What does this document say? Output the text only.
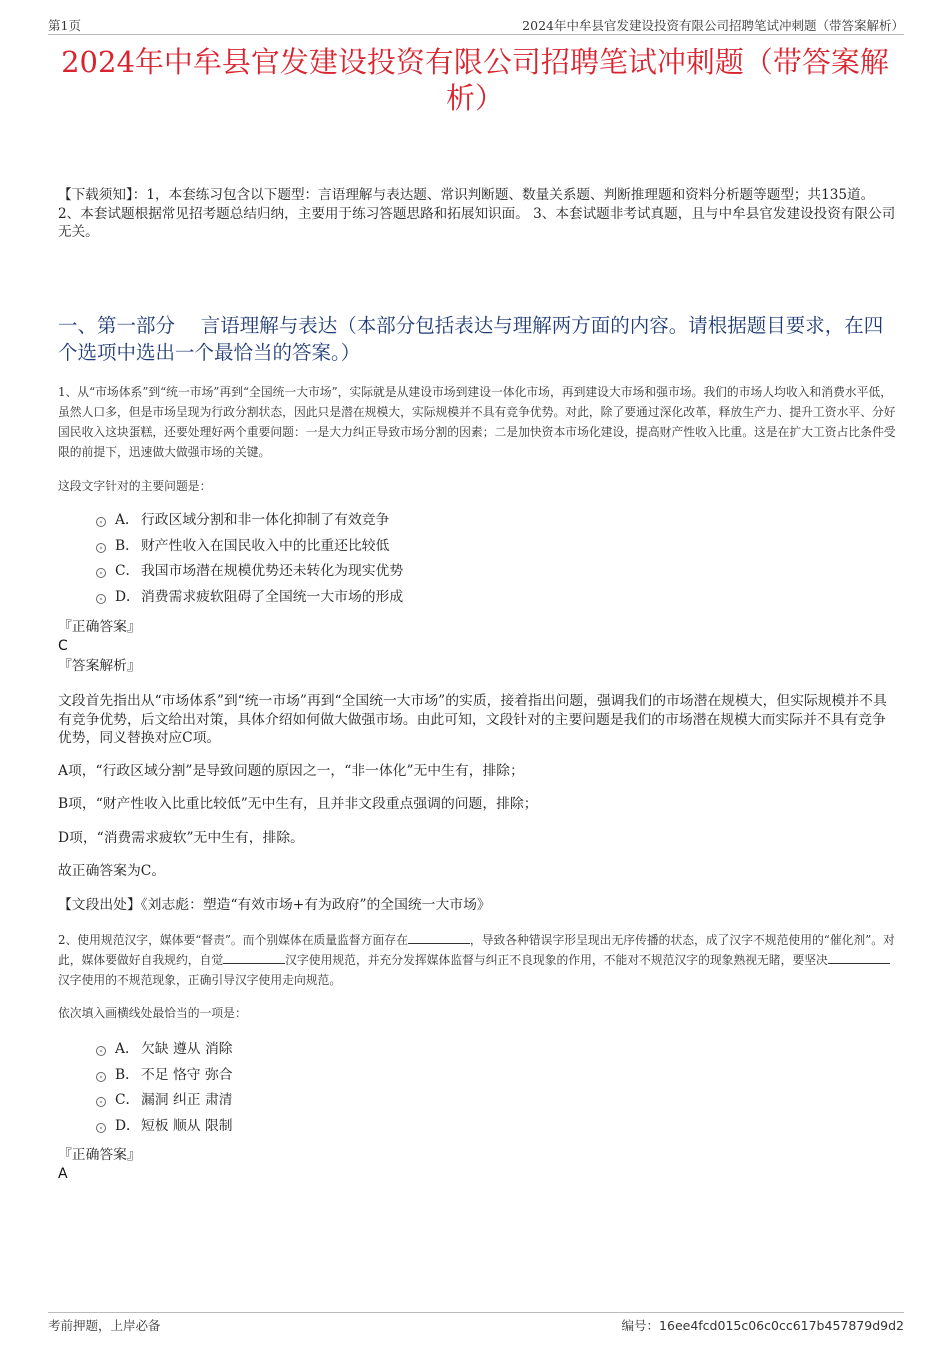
第1页	2024年中牟县官发建设投资有限公司招聘笔试冲刺题（带答案解析）
2024年中牟县官发建设投资有限公司招聘笔试冲刺题（带答案解析）

【下载须知】：1，本套练习包含以下题型：言语理解与表达题、常识判断题、数量关系题、判断推理题和资料分析题等题型；共135道。 2、本套试题根据常见招考题总结归纳，主要用于练习答题思路和拓展知识面。 3、本套试题非考试真题，且与中牟县官发建设投资有限公司无关。

一、第一部分　 言语理解与表达（本部分包括表达与理解两方面的内容。请根据题目要求，在四个选项中选出一个最恰当的答案。）

1、从“市场体系”到“统一市场”再到“全国统一大市场”，实际就是从建设市场到建设一体化市场，再到建设大市场和强市场。我们的市场人均收入和消费水平低，虽然人口多，但是市场呈现为行政分割状态，因此只是潜在规模大，实际规模并不具有竞争优势。对此，除了要通过深化改革，释放生产力、提升工资水平、分好国民收入这块蛋糕，还要处理好两个重要问题：一是大力纠正导致市场分割的因素；二是加快资本市场化建设，提高财产性收入比重。这是在扩大工资占比条件受限的前提下，迅速做大做强市场的关键。

这段文字针对的主要问题是：

A． 行政区域分割和非一体化抑制了有效竞争
B． 财产性收入在国民收入中的比重还比较低
C． 我国市场潜在规模优势还未转化为现实优势
D．消费需求疲软阻碍了全国统一大市场的形成

『正确答案』

C

『答案解析』

文段首先指出从“市场体系”到“统一市场”再到“全国统一大市场”的实质，接着指出问题，强调我们的市场潜在规模大，但实际规模并不具有竞争优势，后文给出对策，具体介绍如何做大做强市场。由此可知，文段针对的主要问题是我们的市场潜在规模大而实际并不具有竞争优势，同义替换对应C项。

A项，“行政区域分割”是导致问题的原因之一，“非一体化”无中生有，排除；

B项，“财产性收入比重比较低”无中生有，且并非文段重点强调的问题，排除；

D项，“消费需求疲软”无中生有，排除。

故正确答案为C。

【文段出处】《刘志彪：塑造“有效市场+有为政府”的全国统一大市场》

2、使用规范汉字，媒体要“督责”。而个别媒体在质量监督方面存在	，导致各种错误字形呈现出无序传播的状态，成了汉字不规范使用的“催化剂”。对此，媒体要做好自我规约，自觉	汉字使用规范，并充分发挥媒体监督与纠正不良现象的作用，不能对不规范汉字的现象熟视无睹，要坚决汉字使用的不规范现象，正确引导汉字使用走向规范。

依次填入画横线处最恰当的一项是：

A． 欠缺 遵从 消除
B． 不足 恪守 弥合
C． 漏洞 纠正 肃清
D．短板 顺从 限制

『正确答案』

A

考前押题，上岸必备	编号：16ee4fcd015c06c0cc617b457879d9d2
